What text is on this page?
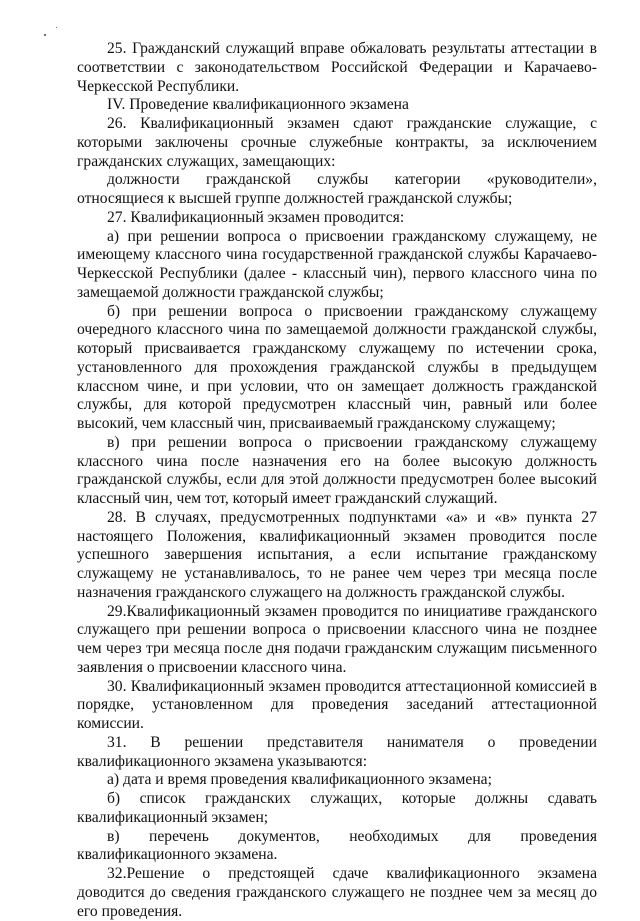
25. Гражданский служащий вправе обжаловать результаты аттестации в соответствии с законодательством Российской Федерации и Карачаево-Черкесской Республики.

IV. Проведение квалификационного экзамена

26. Квалификационный экзамен сдают гражданские служащие, с которыми заключены срочные служебные контракты, за исключением гражданских служащих, замещающих:

должности гражданской службы категории «руководители», относящиеся к высшей группе должностей гражданской службы;

27. Квалификационный экзамен проводится:

а) при решении вопроса о присвоении гражданскому служащему, не имеющему классного чина государственной гражданской службы Карачаево-Черкесской Республики (далее - классный чин), первого классного чина по замещаемой должности гражданской службы;

б) при решении вопроса о присвоении гражданскому служащему очередного классного чина по замещаемой должности гражданской службы, который присваивается гражданскому служащему по истечении срока, установленного для прохождения гражданской службы в предыдущем классном чине, и при условии, что он замещает должность гражданской службы, для которой предусмотрен классный чин, равный или более высокий, чем классный чин, присваиваемый гражданскому служащему;

в) при решении вопроса о присвоении гражданскому служащему классного чина после назначения его на более высокую должность гражданской службы, если для этой должности предусмотрен более высокий классный чин, чем тот, который имеет гражданский служащий.

28. В случаях, предусмотренных подпунктами «а» и «в» пункта 27 настоящего Положения, квалификационный экзамен проводится после успешного завершения испытания, а если испытание гражданскому служащему не устанавливалось, то не ранее чем через три месяца после назначения гражданского служащего на должность гражданской службы.

29.Квалификационный экзамен проводится по инициативе гражданского служащего при решении вопроса о присвоении классного чина не позднее чем через три месяца после дня подачи гражданским служащим письменного заявления о присвоении классного чина.

30. Квалификационный экзамен проводится аттестационной комиссией в порядке, установленном для проведения заседаний аттестационной комиссии.

31. В решении представителя нанимателя о проведении квалификационного экзамена указываются:

а) дата и время проведения квалификационного экзамена;

б) список гражданских служащих, которые должны сдавать квалификационный экзамен;

в) перечень документов, необходимых для проведения квалификационного экзамена.

32.Решение о предстоящей сдаче квалификационного экзамена доводится до сведения гражданского служащего не позднее чем за месяц до его проведения.
